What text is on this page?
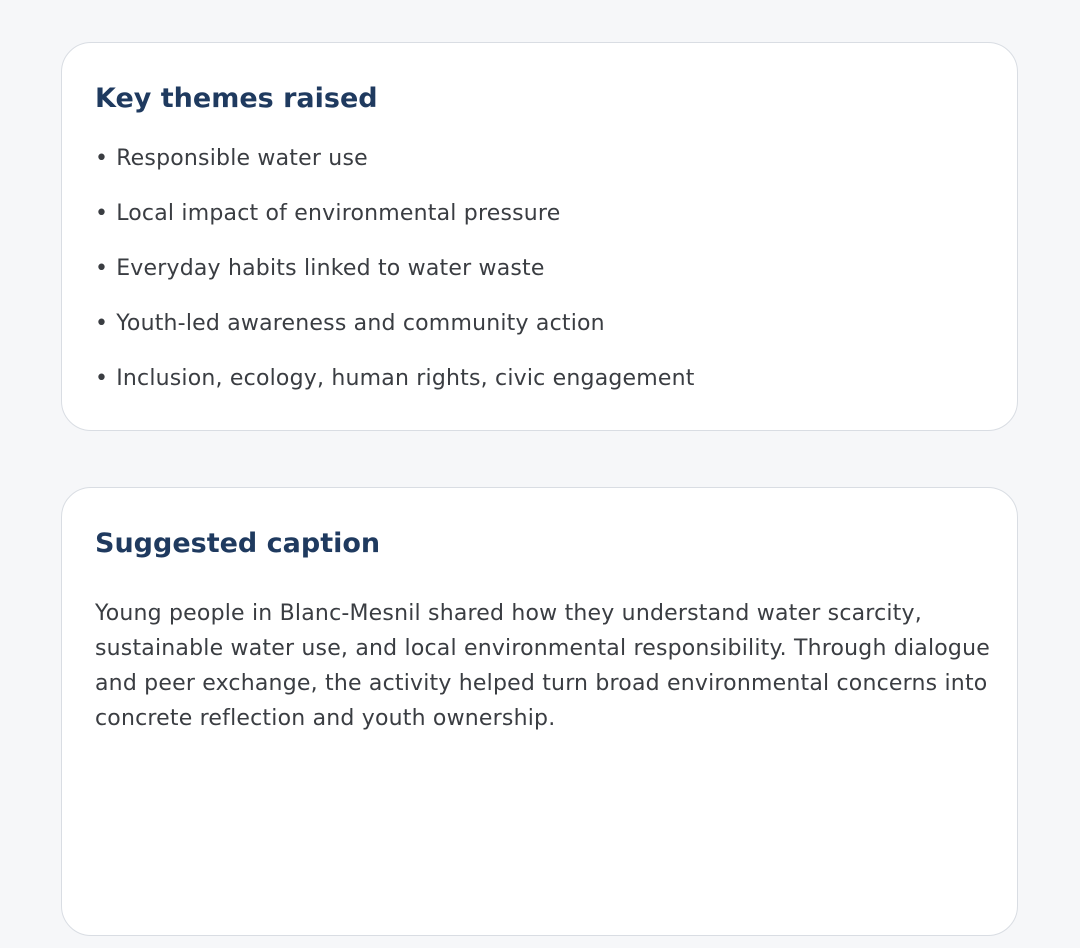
Key themes raised
• Responsible water use
• Local impact of environmental pressure
• Everyday habits linked to water waste
• Youth-led awareness and community action
• Inclusion, ecology, human rights, civic engagement
Suggested caption

Young people in Blanc-Mesnil shared how they understand water scarcity, sustainable water use, and local environmental responsibility. Through dialogue and peer exchange, the activity helped turn broad environmental concerns into concrete reflection and youth ownership.
